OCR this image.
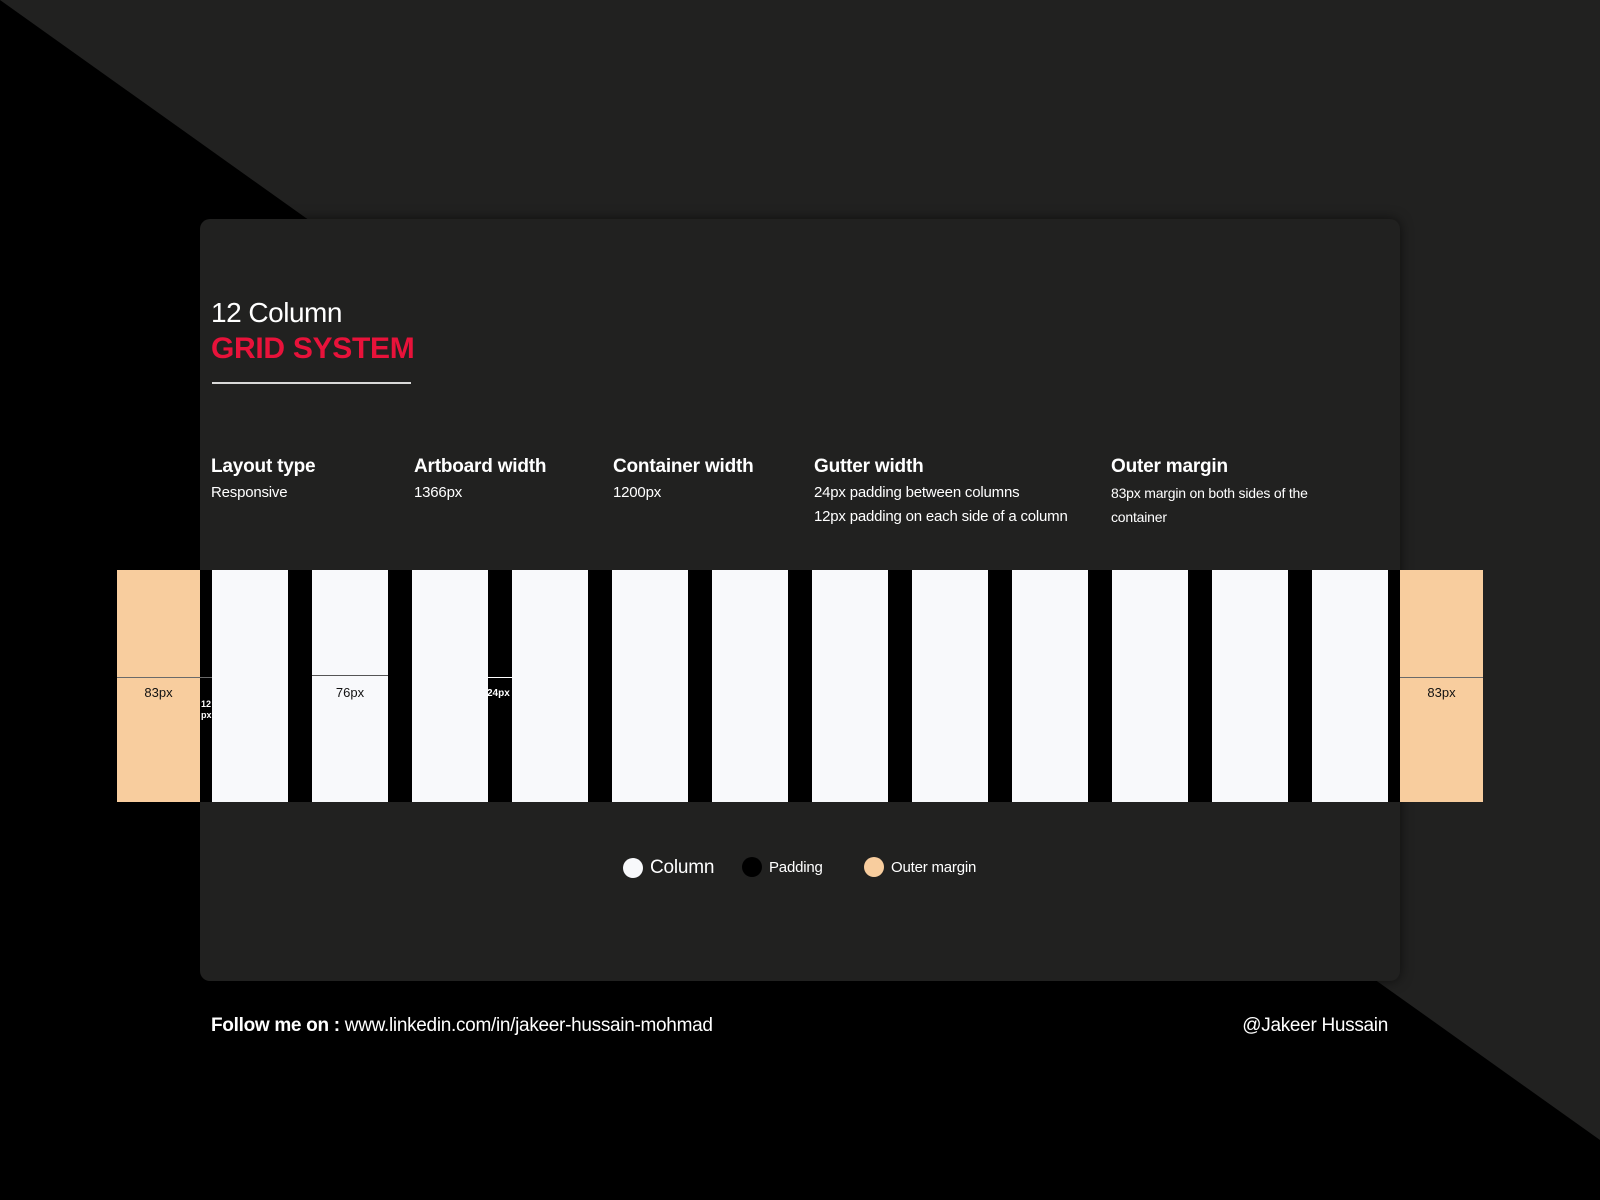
12 Column
GRID SYSTEM
Layout type
Responsive
Artboard width
1366px
Container width
1200px
Gutter width
24px padding between columns
12px padding on each side of a column
Outer margin
83px margin on both sides of the
container
83px
12
px
76px	24px	83px
Column	Padding	Outer margin
Follow me on : www.linkedin.com/in/jakeer-hussain-mohmad	@Jakeer Hussain
